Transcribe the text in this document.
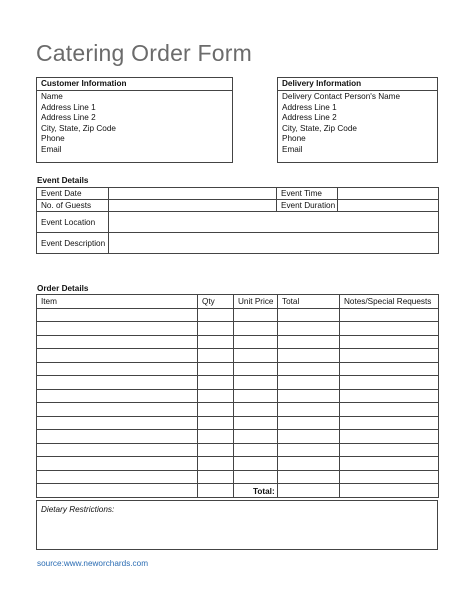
Catering Order Form
Customer Information
Name
Address Line 1
Address Line 2
City, State, Zip Code
Phone
Email
Delivery Information
Delivery Contact Person's Name
Address Line 1
Address Line 2
City, State, Zip Code
Phone
Email
Event Details
Event Date		Event Time	
No. of Guests		Event Duration	
Event Location			
Event Description			
Order Details
Item	Qty	Unit Price	Total	Notes/Special Requests

Total:
Dietary Restrictions:
source:www.neworchards.com
